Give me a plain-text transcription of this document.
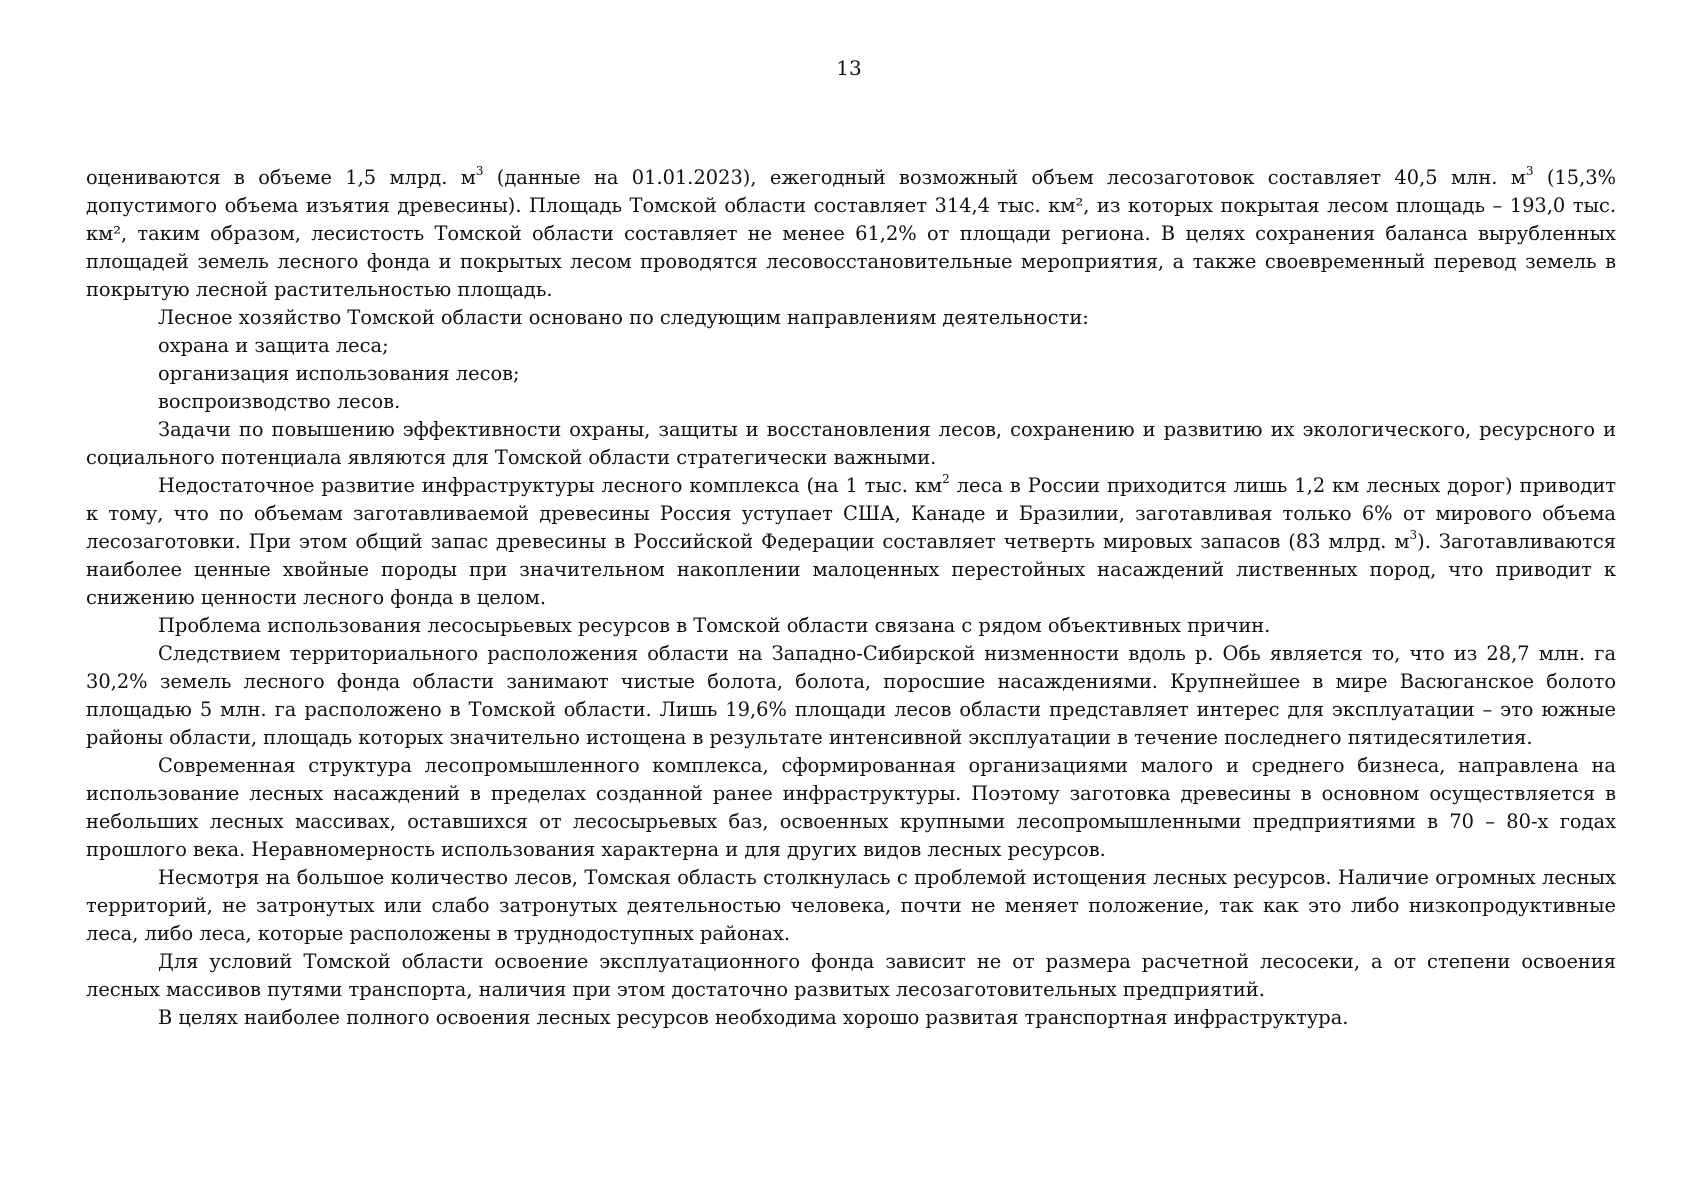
13

оцениваются в объеме 1,5 млрд. $м^3$ (данные на 01.01.2023), ежегодный возможный объем лесозаготовок составляет 40,5 млн. $м^3$ (15,3% допустимого объема изъятия древесины). Площадь Томской области составляет 314,4 тыс. км², из которых покрытая лесом площадь – 193,0 тыс. км², таким образом, лесистость Томской области составляет не менее 61,2% от площади региона. В целях сохранения баланса вырубленных площадей земель лесного фонда и покрытых лесом проводятся лесовосстановительные мероприятия, а также своевременный перевод земель в покрытую лесной растительностью площадь.

Лесное хозяйство Томской области основано по следующим направлениям деятельности:

охрана и защита леса;

организация использования лесов;

воспроизводство лесов.

Задачи по повышению эффективности охраны, защиты и восстановления лесов, сохранению и развитию их экологического, ресурсного и социального потенциала являются для Томской области стратегически важными.

Недостаточное развитие инфраструктуры лесного комплекса (на 1 тыс. $км^2$ леса в России приходится лишь 1,2 км лесных дорог) приводит к тому, что по объемам заготавливаемой древесины Россия уступает США, Канаде и Бразилии, заготавливая только 6% от мирового объема лесозаготовки. При этом общий запас древесины в Российской Федерации составляет четверть мировых запасов (83 млрд. $м^3$). Заготавливаются наиболее ценные хвойные породы при значительном накоплении малоценных перестойных насаждений лиственных пород, что приводит к снижению ценности лесного фонда в целом.

Проблема использования лесосырьевых ресурсов в Томской области связана с рядом объективных причин.

Следствием территориального расположения области на Западно-Сибирской низменности вдоль р. Обь является то, что из 28,7 млн. га 30,2% земель лесного фонда области занимают чистые болота, болота, поросшие насаждениями. Крупнейшее в мире Васюганское болото площадью 5 млн. га расположено в Томской области. Лишь 19,6% площади лесов области представляет интерес для эксплуатации – это южные районы области, площадь которых значительно истощена в результате интенсивной эксплуатации в течение последнего пятидесятилетия.

Современная структура лесопромышленного комплекса, сформированная организациями малого и среднего бизнеса, направлена на использование лесных насаждений в пределах созданной ранее инфраструктуры. Поэтому заготовка древесины в основном осуществляется в небольших лесных массивах, оставшихся от лесосырьевых баз, освоенных крупными лесопромышленными предприятиями в 70 – 80-х годах прошлого века. Неравномерность использования характерна и для других видов лесных ресурсов.

Несмотря на большое количество лесов, Томская область столкнулась с проблемой истощения лесных ресурсов. Наличие огромных лесных территорий, не затронутых или слабо затронутых деятельностью человека, почти не меняет положение, так как это либо низкопродуктивные леса, либо леса, которые расположены в труднодоступных районах.

Для условий Томской области освоение эксплуатационного фонда зависит не от размера расчетной лесосеки, а от степени освоения лесных массивов путями транспорта, наличия при этом достаточно развитых лесозаготовительных предприятий.

В целях наиболее полного освоения лесных ресурсов необходима хорошо развитая транспортная инфраструктура.
